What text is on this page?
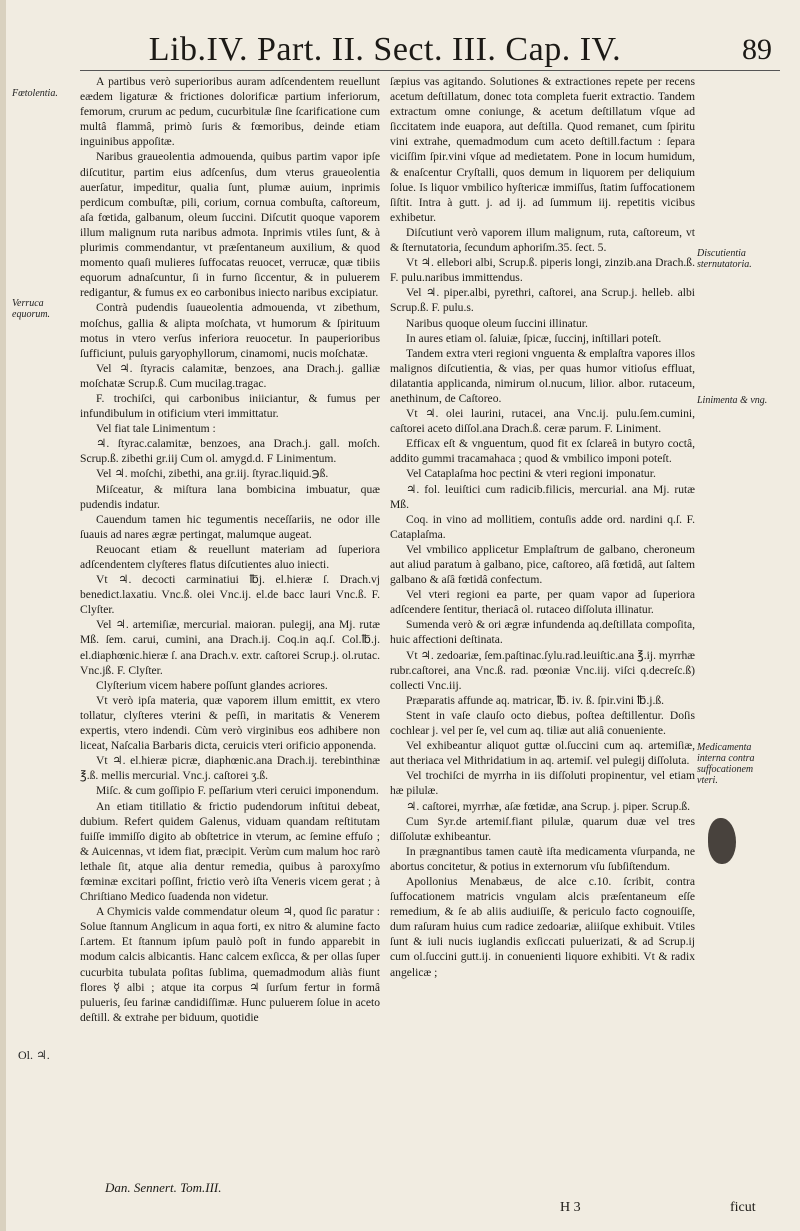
Lib.IV. Part. II. Sect. III. Cap. IV.	89
Fœtolentia.
Verruca equorum.
Ol. ♃.
Discutientia sternutatoria.
Linimenta & vng.
Medicamenta interna contra suffocationem vteri.

A partibus verò superioribus auram adſcendentem reuellunt eædem ligaturæ & frictiones dolorificæ partium inferiorum, femorum, crurum ac pedum, cucurbitulæ ſine ſcarificatione cum multâ flammâ, primò ſuris & fœmoribus, deinde etiam inguinibus appoſitæ.

Naribus graueolentia admouenda, quibus partim vapor ipſe diſcutitur, partim eius adſcenſus, dum vterus graueolentia auerſatur, impeditur, qualia ſunt, plumæ auium, inprimis perdicum combuſtæ, pili, corium, cornua combuſta, caſtoreum, aſa fœtida, galbanum, oleum ſuccini. Diſcutit quoque vaporem illum malignum ruta naribus admota. Inprimis vtiles ſunt, & à plurimis commendantur, vt præſentaneum auxilium, & quod momento quaſi mulieres ſuffocatas reuocet, verrucæ, quæ tibiis equorum adnaſcuntur, ſi in furno ſiccentur, & in puluerem redigantur, & fumus ex eo carbonibus iniecto naribus excipiatur.

Contrà pudendis ſuaueolentia admouenda, vt zibethum, moſchus, gallia & alipta moſchata, vt humorum & ſpirituum motus in vtero verſus inferiora reuocetur. In pauperioribus ſufficiunt, puluis garyophyllorum, cinamomi, nucis moſchatæ.

Vel ♃. ſtyracis calamitæ, benzoes, ana Drach.j. galliæ moſchatæ Scrup.ß. Cum mucilag.tragac.

F. trochiſci, qui carbonibus iniiciantur, & fumus per infundibulum in otificium vteri immittatur.

Vel fiat tale Linimentum :

♃. ſtyrac.calamitæ, benzoes, ana Drach.j. gall. moſch. Scrup.ß. zibethi gr.iij Cum ol. amygd.d. F Linimentum.

Vel ♃. moſchi, zibethi, ana gr.iij. ſtyrac.liquid.℈ß.

Miſceatur, & miſtura lana bombicina imbuatur, quæ pudendis indatur.

Cauendum tamen hic tegumentis neceſſariis, ne odor ille ſuauis ad nares ægræ pertingat, malumque augeat.

Reuocant etiam & reuellunt materiam ad ſuperiora adſcendentem clyſteres flatus diſcutientes aluo iniecti.

Vt ♃. decocti carminatiui ℔j. el.hieræ ſ. Drach.vj benedict.laxatiu. Vnc.ß. olei Vnc.ij. el.de bacc lauri Vnc.ß. F. Clyſter.

Vel ♃. artemiſiæ, mercurial. maioran. pulegij, ana Mj. rutæ Mß. ſem. carui, cumini, ana Drach.ij. Coq.in aq.ſ. Col.℔.j. el.diaphœnic.hieræ ſ. ana Drach.v. extr. caſtorei Scrup.j. ol.rutac. Vnc.jß. F. Clyſter.

Clyſterium vicem habere poſſunt glandes acriores.

Vt verò ipſa materia, quæ vaporem illum emittit, ex vtero tollatur, clyſteres vterini & peſſi, in maritatis & Venerem expertis, vtero indendi. Cùm verò virginibus eos adhibere non liceat, Naſcalia Barbaris dicta, ceruicis vteri orificio apponenda.

Vt ♃. el.hieræ picræ, diaphœnic.ana Drach.ij. terebinthinæ ℥.ß. mellis mercurial. Vnc.j. caſtorei ʒ.ß.

Miſc. & cum goſſipio F. peſſarium vteri ceruici imponendum.

An etiam titillatio & frictio pudendorum inſtitui debeat, dubium. Refert quidem Galenus, viduam quandam reſtitutam fuiſſe immiſſo digito ab obſtetrice in vterum, ac ſemine effuſo ; & Auicennas, vt idem fiat, præcipit. Verùm cum malum hoc rarò lethale ſit, atque alia dentur remedia, quibus à paroxyſmo fœminæ excitari poſſint, frictio verò iſta Veneris vicem gerat ; à Chriſtiano Medico ſuadenda non videtur.

A Chymicis valde commendatur oleum ♃, quod ſic paratur : Solue ſtannum Anglicum in aqua forti, ex nitro & alumine facto ſ.artem. Et ſtannum ipſum paulò poſt in fundo apparebit in modum calcis albicantis. Hanc calcem exſicca, & per ollas ſuper cucurbita tubulata poſitas ſublima, quemadmodum aliàs fiunt flores ☿ albi ; atque ita corpus ♃ ſurſum fertur in formâ pulueris, ſeu farinæ candidiſſimæ. Hunc puluerem ſolue in aceto deſtill. & extrahe per biduum, quotidie

ſæpius vas agitando. Solutiones & extractiones repete per recens acetum deſtillatum, donec tota completa fuerit extractio. Tandem extractum omne coniunge, & acetum deſtillatum vſque ad ſiccitatem inde euapora, aut deſtilla. Quod remanet, cum ſpiritu vini extrahe, quemadmodum cum aceto deſtill.factum : ſepara viciſſim ſpir.vini vſque ad medietatem. Pone in locum humidum, & enaſcentur Cryſtalli, quos demum in liquorem per deliquium ſolue. Is liquor vmbilico hyſtericæ immiſſus, ſtatim ſuffocationem ſiſtit. Intra à gutt. j. ad ij. ad ſummum iij. repetitis vicibus exhibetur.

Diſcutiunt verò vaporem illum malignum, ruta, caſtoreum, vt & ſternutatoria, ſecundum aphoriſm.35. ſect. 5.

Vt ♃. ellebori albi, Scrup.ß. piperis longi, zinzib.ana Drach.ß. F. pulu.naribus immittendus.

Vel ♃. piper.albi, pyrethri, caſtorei, ana Scrup.j. helleb. albi Scrup.ß. F. pulu.s.

Naribus quoque oleum ſuccini illinatur.

In aures etiam ol. ſaluiæ, ſpicæ, ſuccinj, inſtillari poteſt.

Tandem extra vteri regioni vnguenta & emplaſtra vapores illos malignos diſcutientia, & vias, per quas humor vitioſus effluat, dilatantia applicanda, nimirum ol.nucum, lilior. albor. rutaceum, anethinum, de Caſtoreo.

Vt ♃. olei laurini, rutacei, ana Vnc.ij. pulu.ſem.cumini, caſtorei aceto diſſol.ana Drach.ß. ceræ parum. F. Liniment.

Efficax eſt & vnguentum, quod fit ex ſclareâ in butyro coctâ, addito gummi tracamahaca ; quod & vmbilico imponi poteſt.

Vel Cataplaſma hoc pectini & vteri regioni imponatur.

♃. fol. leuiſtici cum radicib.filicis, mercurial. ana Mj. rutæ Mß.

Coq. in vino ad mollitiem, contuſis adde ord. nardini q.ſ. F. Cataplaſma.

Vel vmbilico applicetur Emplaſtrum de galbano, cheroneum aut aliud paratum à galbano, pice, caſtoreo, aſâ fœtidâ, aut ſaltem galbano & aſâ fœtidâ confectum.

Vel vteri regioni ea parte, per quam vapor ad ſuperiora adſcendere ſentitur, theriacâ ol. rutaceo diſſoluta illinatur.

Sumenda verò & ori ægræ infundenda aq.deſtillata compoſita, huic affectioni deſtinata.

Vt ♃. zedoariæ, ſem.paſtinac.ſylu.rad.leuiſtic.ana ℥.ij. myrrhæ rubr.caſtorei, ana Vnc.ß. rad. pœoniæ Vnc.iij. viſci q.decreſc.ß) collecti Vnc.iij.

Præparatis affunde aq. matricar, ℔. iv. ß. ſpir.vini ℔.j.ß.

Stent in vaſe clauſo octo diebus, poſtea deſtillentur. Doſis cochlear j. vel per ſe, vel cum aq. tiliæ aut aliâ conueniente.

Vel exhibeantur aliquot guttæ ol.ſuccini cum aq. artemiſiæ, aut theriaca vel Mithridatium in aq. artemiſ. vel pulegij diſſoluta.

Vel trochiſci de myrrha in iis diſſoluti propinentur, vel etiam hæ pilulæ.

♃. caſtorei, myrrhæ, aſæ fœtidæ, ana Scrup. j. piper. Scrup.ß.

Cum Syr.de artemiſ.fiant pilulæ, quarum duæ vel tres diſſolutæ exhibeantur.

In prægnantibus tamen cautè iſta medicamenta vſurpanda, ne abortus concitetur, & potius in externorum vſu ſubſiſtendum.

Apollonius Menabæus, de alce c.10. ſcribit, contra ſuffocationem matricis vngulam alcis præſentaneum eſſe remedium, & ſe ab aliis audiuiſſe, & periculo facto cognouiſſe, dum raſuram huius cum radice zedoariæ, aliiſque exhibuit. Vtiles ſunt & iuli nucis iuglandis exſiccati puluerizati, & ad Scrup.ij cum ol.ſuccini gutt.ij. in conuenienti liquore exhibiti. Vt & radix angelicæ ;

Dan. Sennert. Tom.III.
H 3	ficut
